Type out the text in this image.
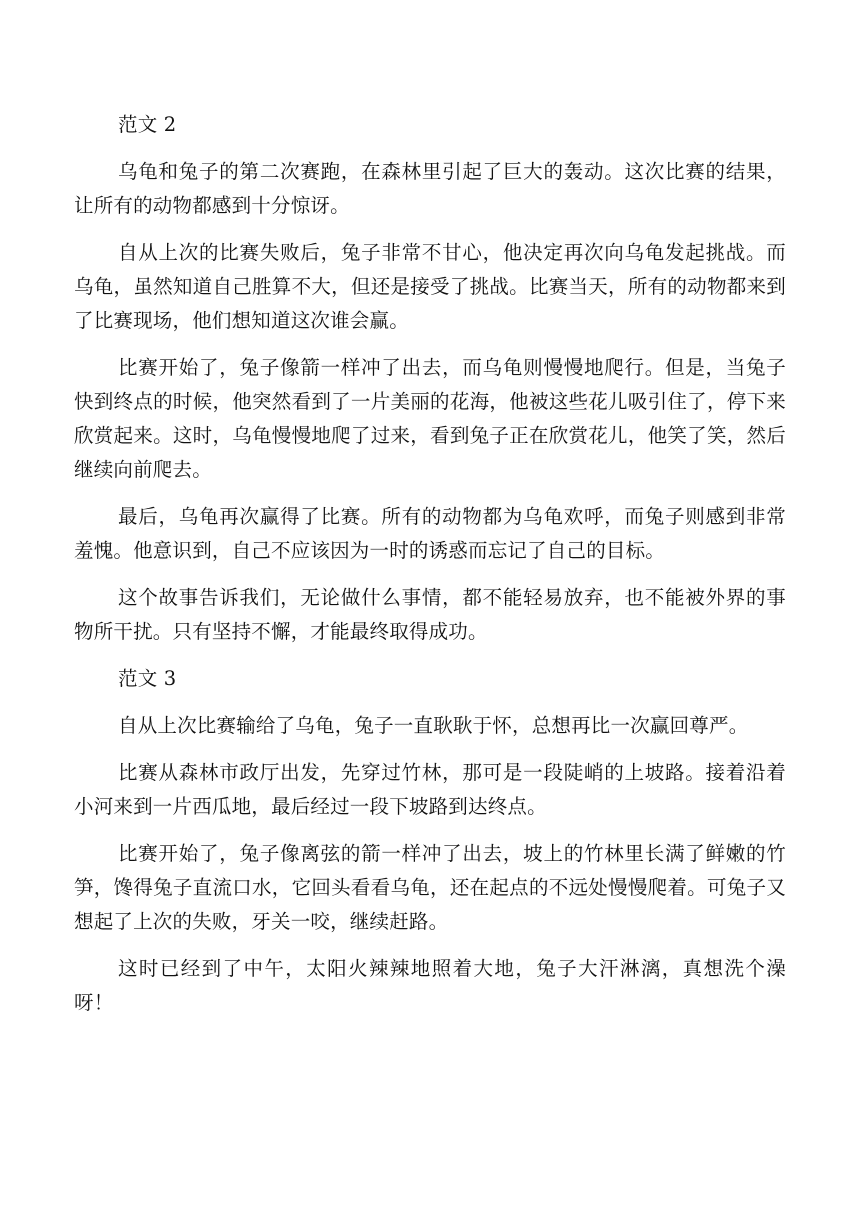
范文 2

乌龟和兔子的第二次赛跑，在森林里引起了巨大的轰动。这次比赛的结果，让所有的动物都感到十分惊讶。

自从上次的比赛失败后，兔子非常不甘心，他决定再次向乌龟发起挑战。而乌龟，虽然知道自己胜算不大，但还是接受了挑战。比赛当天，所有的动物都来到了比赛现场，他们想知道这次谁会赢。

比赛开始了，兔子像箭一样冲了出去，而乌龟则慢慢地爬行。但是，当兔子快到终点的时候，他突然看到了一片美丽的花海，他被这些花儿吸引住了，停下来欣赏起来。这时，乌龟慢慢地爬了过来，看到兔子正在欣赏花儿，他笑了笑，然后继续向前爬去。

最后，乌龟再次赢得了比赛。所有的动物都为乌龟欢呼，而兔子则感到非常羞愧。他意识到，自己不应该因为一时的诱惑而忘记了自己的目标。

这个故事告诉我们，无论做什么事情，都不能轻易放弃，也不能被外界的事物所干扰。只有坚持不懈，才能最终取得成功。

范文 3

自从上次比赛输给了乌龟，兔子一直耿耿于怀，总想再比一次赢回尊严。

比赛从森林市政厅出发，先穿过竹林，那可是一段陡峭的上坡路。接着沿着小河来到一片西瓜地，最后经过一段下坡路到达终点。

比赛开始了，兔子像离弦的箭一样冲了出去，坡上的竹林里长满了鲜嫩的竹笋，馋得兔子直流口水，它回头看看乌龟，还在起点的不远处慢慢爬着。可兔子又想起了上次的失败，牙关一咬，继续赶路。

这时已经到了中午，太阳火辣辣地照着大地，兔子大汗淋漓，真想洗个澡呀！
